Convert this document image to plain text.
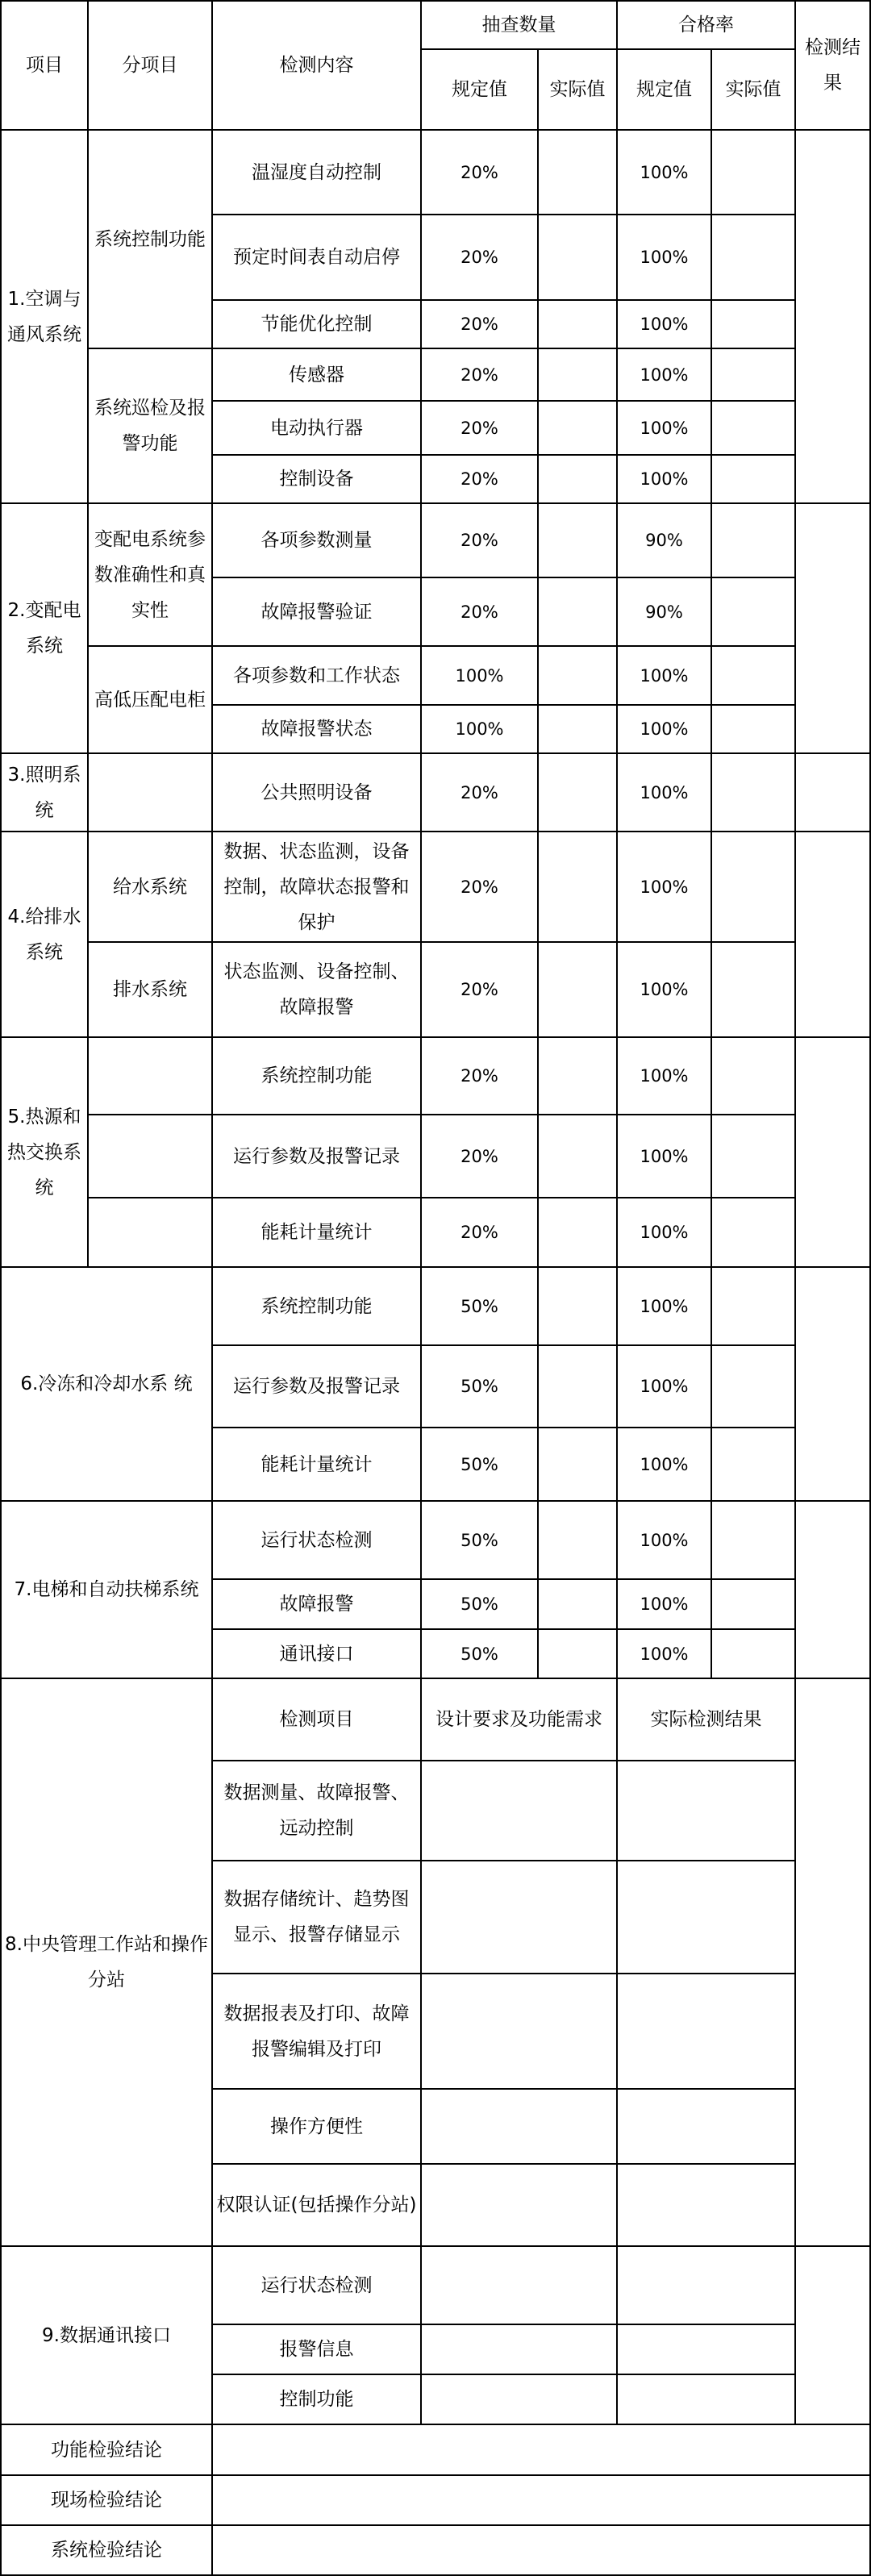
项目	分项目	检测内容	抽查数量		合格率		检测结果
			规定值	实际值	规定值	实际值	
1.空调与通风系统	系统控制功能	温湿度自动控制	20%		100%		
		预定时间表自动启停	20%		100%		
		节能优化控制	20%		100%		
	系统巡检及报警功能	传感器	20%		100%		
		电动执行器	20%		100%		
		控制设备	20%		100%		
2.变配电系统	变配电系统参数准确性和真实性	各项参数测量	20%		90%		
		故障报警验证	20%		90%		
	高低压配电柜	各项参数和工作状态	100%		100%		
		故障报警状态	100%		100%		
3.照明系统		公共照明设备	20%		100%		
4.给排水系统	给水系统	数据、状态监测，设备控制，故障状态报警和保护	20%		100%		
	排水系统	状态监测、设备控制、故障报警	20%		100%		
5.热源和热交换系统		系统控制功能	20%		100%		
		运行参数及报警记录	20%		100%		
		能耗计量统计	20%		100%		
6.冷冻和冷却水系 统		系统控制功能	50%		100%		
		运行参数及报警记录	50%		100%		
		能耗计量统计	50%		100%		
7.电梯和自动扶梯系统		运行状态检测	50%		100%		
		故障报警	50%		100%		
		通讯接口	50%		100%		
8.中央管理工作站和操作分站		检测项目	设计要求及功能需求		实际检测结果		
		数据测量、故障报警、远动控制					
		数据存储统计、趋势图显示、报警存储显示					
		数据报表及打印、故障报警编辑及打印					
		操作方便性					
		权限认证(包括操作分站)					
9.数据通讯接口		运行状态检测					
		报警信息					
		控制功能					
功能检验结论							
现场检验结论							
系统检验结论							
